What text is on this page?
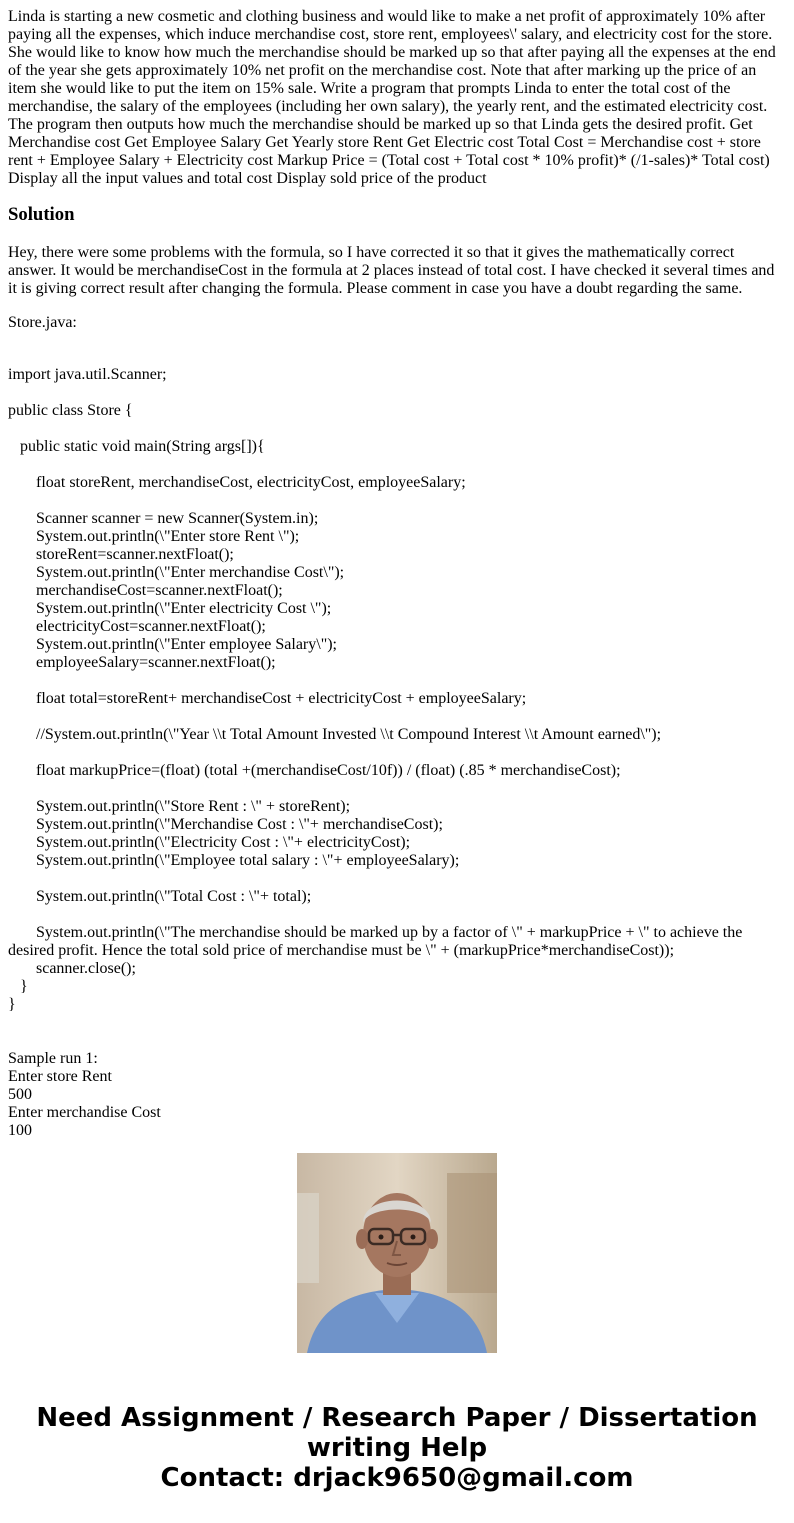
Linda is starting a new cosmetic and clothing business and would like to make a net profit of approximately 10% after paying all the expenses, which induce merchandise cost, store rent, employees\' salary, and electricity cost for the store. She would like to know how much the merchandise should be marked up so that after paying all the expenses at the end of the year she gets approximately 10% net profit on the merchandise cost. Note that after marking up the price of an item she would like to put the item on 15% sale. Write a program that prompts Linda to enter the total cost of the merchandise, the salary of the employees (including her own salary), the yearly rent, and the estimated electricity cost. The program then outputs how much the merchandise should be marked up so that Linda gets the desired profit. Get Merchandise cost Get Employee Salary Get Yearly store Rent Get Electric cost Total Cost = Merchandise cost + store rent + Employee Salary + Electricity cost Markup Price = (Total cost + Total cost * 10% profit)* (/1-sales)* Total cost) Display all the input values and total cost Display sold price of the product
Solution
Hey, there were some problems with the formula, so I have corrected it so that it gives the mathematically correct answer. It would be merchandiseCost in the formula at 2 places instead of total cost. I have checked it several times and it is giving correct result after changing the formula. Please comment in case you have a doubt regarding the same.
Store.java:

import java.util.Scanner;

public class Store {

public static void main(String args[]){

float storeRent, merchandiseCost, electricityCost, employeeSalary;

Scanner scanner = new Scanner(System.in);
System.out.println(\"Enter store Rent \");
storeRent=scanner.nextFloat();
System.out.println(\"Enter merchandise Cost\");
merchandiseCost=scanner.nextFloat();
System.out.println(\"Enter electricity Cost \");
electricityCost=scanner.nextFloat();
System.out.println(\"Enter employee Salary\");
employeeSalary=scanner.nextFloat();

float total=storeRent+ merchandiseCost + electricityCost + employeeSalary;

//System.out.println(\"Year \\t Total Amount Invested \\t Compound Interest \\t Amount earned\");

float markupPrice=(float) (total +(merchandiseCost/10f)) / (float) (.85 * merchandiseCost);

System.out.println(\"Store Rent : \" + storeRent);
System.out.println(\"Merchandise Cost : \"+ merchandiseCost);
System.out.println(\"Electricity Cost : \"+ electricityCost);
System.out.println(\"Employee total salary : \"+ employeeSalary);

System.out.println(\"Total Cost : \"+ total);

System.out.println(\"The merchandise should be marked up by a factor of \" + markupPrice + \" to achieve the desired profit. Hence the total sold price of merchandise must be \" + (markupPrice*merchandiseCost));
scanner.close();
}
}

Sample run 1:
Enter store Rent
500
Enter merchandise Cost
100
Need Assignment / Research Paper / Dissertation
writing Help
Contact: drjack9650@gmail.com
